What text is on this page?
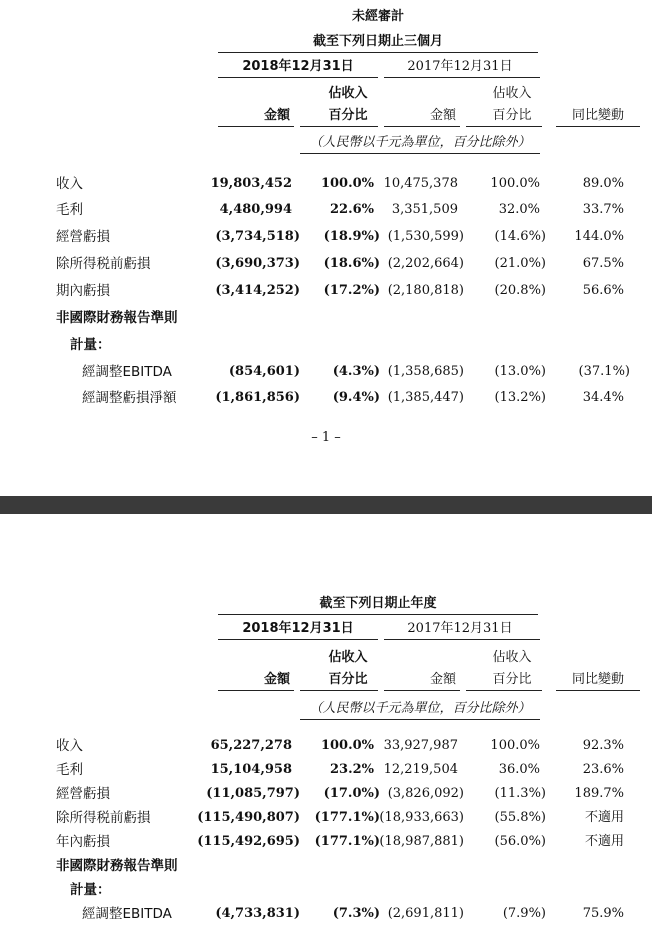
未經審計
截至下列日期止三個月
2018年12月31日	2017年12月31日
佔收入	佔收入
金額	百分比	金額	百分比	同比變動
（人民幣以千元為單位，百分比除外）
收入	19,803,452	100.0% 10,475,378	100.0%	89.0%
毛利	4,480,994	22.6%	3,351,509	32.0%	33.7%
經營虧損	(3,734,518)	(18.9%) (1,530,599)	(14.6%)	144.0%
除所得税前虧損	(3,690,373)	(18.6%) (2,202,664)	(21.0%)	67.5%
期內虧損	(3,414,252)	(17.2%) (2,180,818)	(20.8%)	56.6%
非國際財務報告準則
計量：
經調整EBITDA	(854,601)	(4.3%) (1,358,685)	(13.0%)	(37.1%)
經調整虧損淨額	(1,861,856)	(9.4%) (1,385,447)	(13.2%)	34.4%
– 1 –
截至下列日期止年度
2018年12月31日	2017年12月31日
佔收入	佔收入
金額	百分比	金額	百分比	同比變動
（人民幣以千元為單位，百分比除外）
收入	65,227,278	100.0% 33,927,987	100.0%	92.3%
毛利	15,104,958	23.2% 12,219,504	36.0%	23.6%
經營虧損	(11,085,797)	(17.0%) (3,826,092)	(11.3%)	189.7%
除所得税前虧損	(115,490,807)	(177.1%) (18,933,663)	(55.8%)	不適用
年內虧損	(115,492,695)	(177.1%) (18,987,881)	(56.0%)	不適用
非國際財務報告準則
計量：
經調整EBITDA	(4,733,831)	(7.3%) (2,691,811)	(7.9%)	75.9%
